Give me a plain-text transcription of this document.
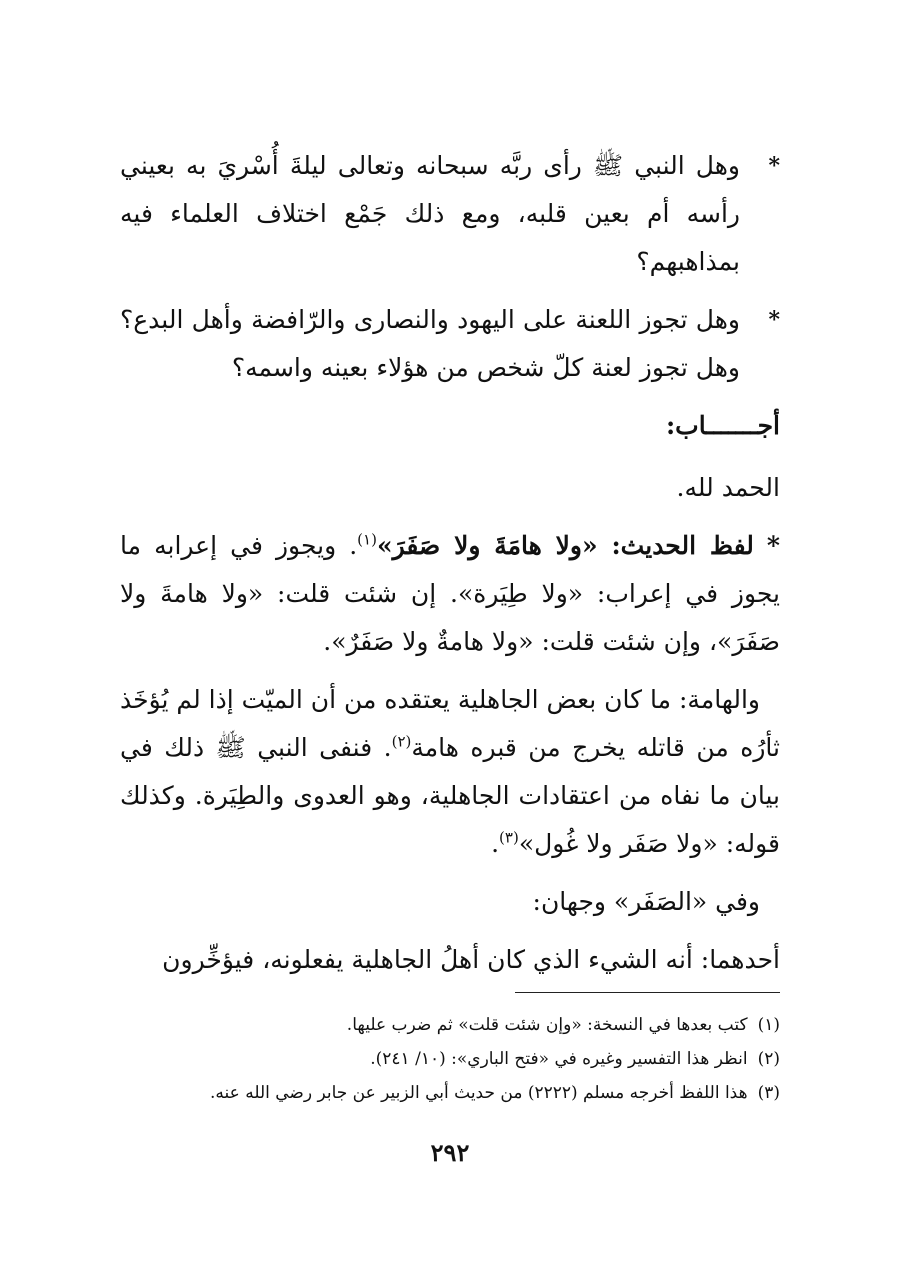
*
وهل النبي ﷺ رأى ربَّه سبحانه وتعالى ليلةَ أُسْريَ به بعيني رأسه أم بعين قلبه، ومع ذلك جَمْع اختلاف العلماء فيه بمذاهبهم؟
*
وهل تجوز اللعنة على اليهود والنصارى والرّافضة وأهل البدع؟ وهل تجوز لعنة كلّ شخص من هؤلاء بعينه واسمه؟
أجـــــــاب:
الحمد لله.
* لفظ الحديث: «ولا هامَةَ ولا صَفَرَ»$^{(١)}$. ويجوز في إعرابه ما يجوز في إعراب: «ولا طِيَرة». إن شئت قلت: «ولا هامةَ ولا صَفَرَ»، وإن شئت قلت: «ولا هامةٌ ولا صَفَرٌ».
والهامة: ما كان بعض الجاهلية يعتقده من أن الميّت إذا لم يُؤخَذ ثأرُه من قاتله يخرج من قبره هامة$^{(٢)}$. فنفى النبي ﷺ ذلك في بيان ما نفاه من اعتقادات الجاهلية، وهو العدوى والطِيَرة. وكذلك قوله: «ولا صَفَر ولا غُول»$^{(٣)}$.
وفي «الصَفَر» وجهان:
أحدهما: أنه الشيء الذي كان أهلُ الجاهلية يفعلونه، فيؤخِّرون

(١)كتب بعدها في النسخة: «وإن شئت قلت» ثم ضرب عليها.

(٢)انظر هذا التفسير وغيره في «فتح الباري»: (١٠/ ٢٤١).

(٣)هذا اللفظ أخرجه مسلم (٢٢٢٢) من حديث أبي الزبير عن جابر رضي الله عنه.

٢٩٢
